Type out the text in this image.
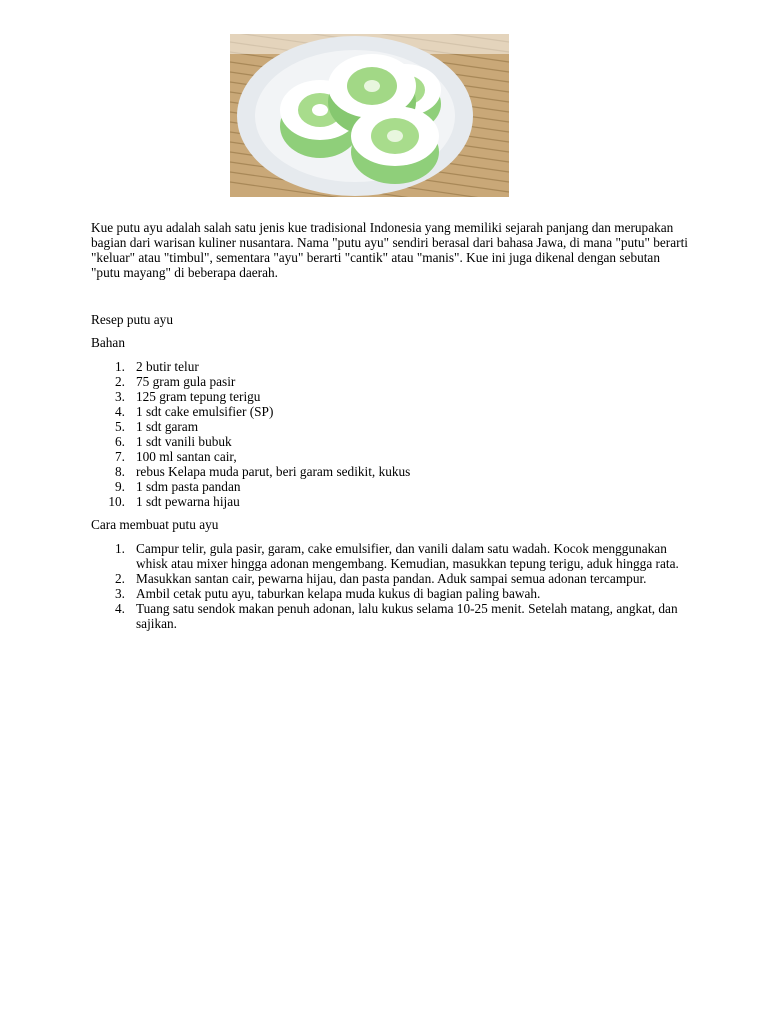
Kue putu ayu adalah salah satu jenis kue tradisional Indonesia yang memiliki sejarah panjang dan merupakan bagian dari warisan kuliner nusantara. Nama "putu ayu" sendiri berasal dari bahasa Jawa, di mana "putu" berarti "keluar" atau "timbul", sementara "ayu" berarti "cantik" atau "manis". Kue ini juga dikenal dengan sebutan "putu mayang" di beberapa daerah.

Resep putu ayu

Bahan

1. 2 butir telur
2. 75 gram gula pasir
3. 125 gram tepung terigu
4. 1 sdt cake emulsifier (SP)
5. 1 sdt garam
6. 1 sdt vanili bubuk
7. 100 ml santan cair,
8. rebus Kelapa muda parut, beri garam sedikit, kukus
9. 1 sdm pasta pandan
10. 1 sdt pewarna hijau

Cara membuat putu ayu

1. Campur telir, gula pasir, garam, cake emulsifier, dan vanili dalam satu wadah. Kocok menggunakan whisk atau mixer hingga adonan mengembang. Kemudian, masukkan tepung terigu, aduk hingga rata.
2. Masukkan santan cair, pewarna hijau, dan pasta pandan. Aduk sampai semua adonan tercampur.
3. Ambil cetak putu ayu, taburkan kelapa muda kukus di bagian paling bawah.
4. Tuang satu sendok makan penuh adonan, lalu kukus selama 10-25 menit. Setelah matang, angkat, dan sajikan.
